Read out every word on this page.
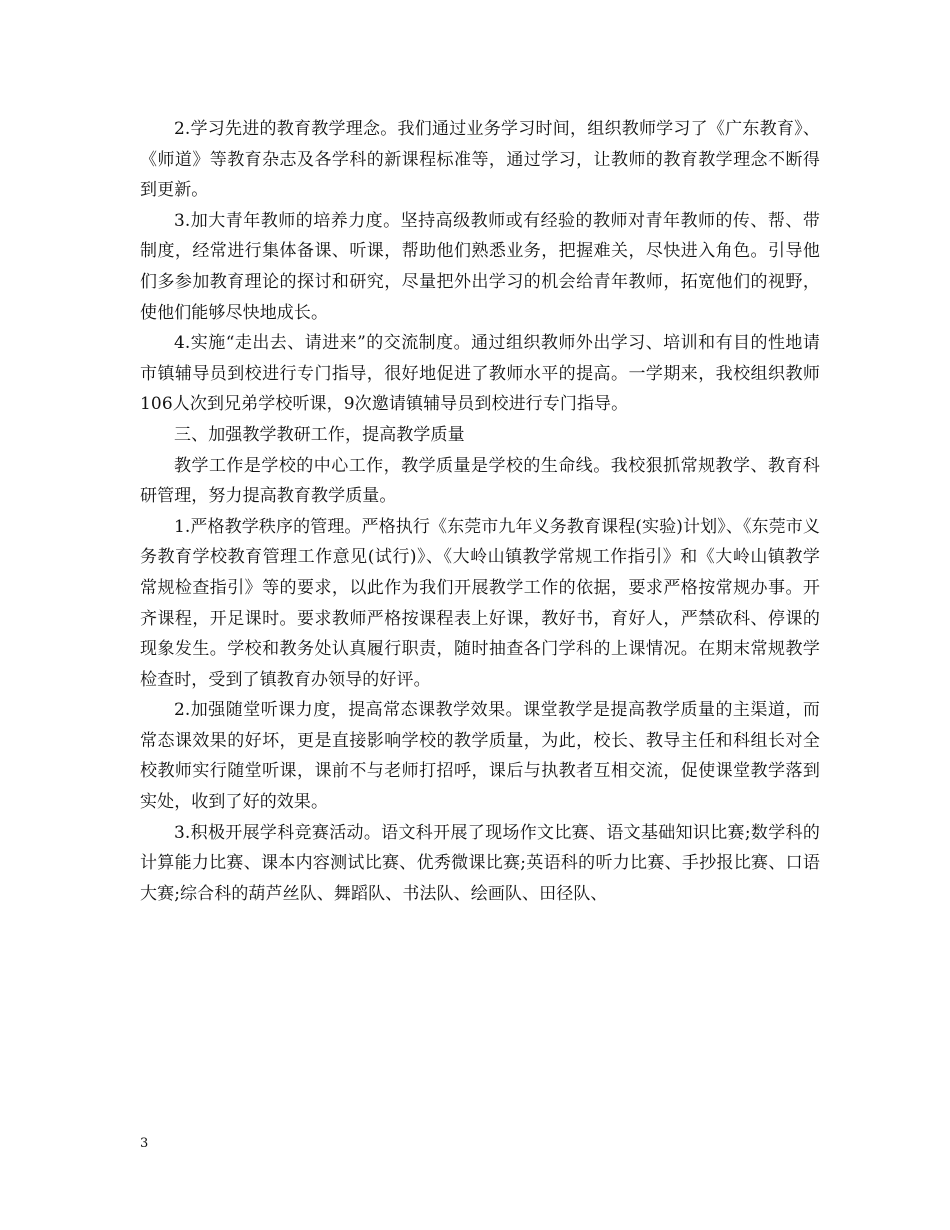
2.学习先进的教育教学理念。我们通过业务学习时间，组织教师学习了《广东教育》、《师道》等教育杂志及各学科的新课程标准等，通过学习，让教师的教育教学理念不断得到更新。

3.加大青年教师的培养力度。坚持高级教师或有经验的教师对青年教师的传、帮、带制度，经常进行集体备课、听课，帮助他们熟悉业务，把握难关，尽快进入角色。引导他们多参加教育理论的探讨和研究，尽量把外出学习的机会给青年教师，拓宽他们的视野，使他们能够尽快地成长。

4.实施“走出去、请进来”的交流制度。通过组织教师外出学习、培训和有目的性地请市镇辅导员到校进行专门指导，很好地促进了教师水平的提高。一学期来，我校组织教师106人次到兄弟学校听课，9次邀请镇辅导员到校进行专门指导。

三、加强教学教研工作，提高教学质量

教学工作是学校的中心工作，教学质量是学校的生命线。我校狠抓常规教学、教育科研管理，努力提高教育教学质量。

1.严格教学秩序的管理。严格执行《东莞市九年义务教育课程(实验)计划》、《东莞市义务教育学校教育管理工作意见(试行)》、《大岭山镇教学常规工作指引》和《大岭山镇教学常规检查指引》等的要求，以此作为我们开展教学工作的依据，要求严格按常规办事。开齐课程，开足课时。要求教师严格按课程表上好课，教好书，育好人，严禁砍科、停课的现象发生。学校和教务处认真履行职责，随时抽查各门学科的上课情况。在期末常规教学检查时，受到了镇教育办领导的好评。

2.加强随堂听课力度，提高常态课教学效果。课堂教学是提高教学质量的主渠道，而常态课效果的好坏，更是直接影响学校的教学质量，为此，校长、教导主任和科组长对全校教师实行随堂听课，课前不与老师打招呼，课后与执教者互相交流，促使课堂教学落到实处，收到了好的效果。

3.积极开展学科竞赛活动。语文科开展了现场作文比赛、语文基础知识比赛;数学科的计算能力比赛、课本内容测试比赛、优秀微课比赛;英语科的听力比赛、手抄报比赛、口语大赛;综合科的葫芦丝队、舞蹈队、书法队、绘画队、田径队、

3
